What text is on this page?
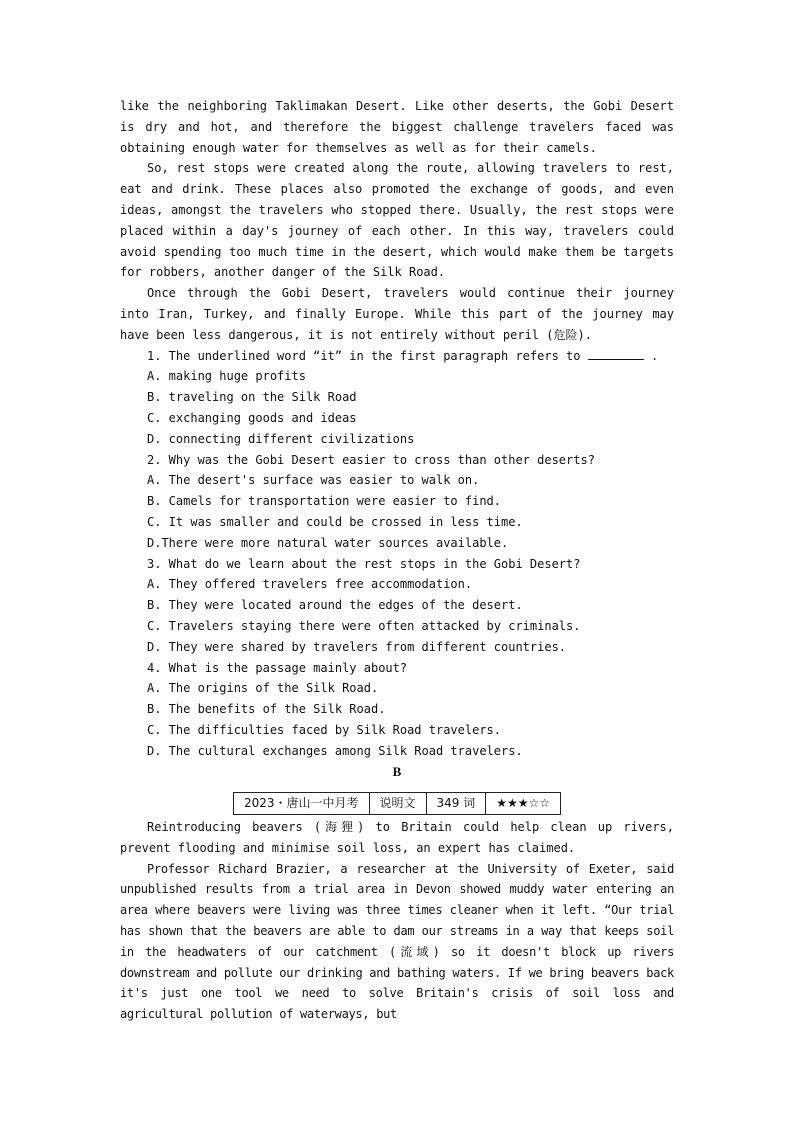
like the neighboring Taklimakan Desert. Like other deserts, the Gobi Desert is dry and hot, and therefore the biggest challenge travelers faced was obtaining enough water for themselves as well as for their camels.

So, rest stops were created along the route, allowing travelers to rest, eat and drink. These places also promoted the exchange of goods, and even ideas, amongst the travelers who stopped there. Usually, the rest stops were placed within a day's journey of each other. In this way, travelers could avoid spending too much time in the desert, which would make them be targets for robbers, another danger of the Silk Road.

Once through the Gobi Desert, travelers would continue their journey into Iran, Turkey, and finally Europe. While this part of the journey may have been less dangerous, it is not entirely without peril (危险).

1. The underlined word “it” in the first paragraph refers to	.

A. making huge profits

B. traveling on the Silk Road

C. exchanging goods and ideas

D. connecting different civilizations

2. Why was the Gobi Desert easier to cross than other deserts?

A. The desert's surface was easier to walk on.

B. Camels for transportation were easier to find.

C. It was smaller and could be crossed in less time.

D.There were more natural water sources available.

3. What do we learn about the rest stops in the Gobi Desert?

A. They offered travelers free accommodation.

B. They were located around the edges of the desert.

C. Travelers staying there were often attacked by criminals.

D. They were shared by travelers from different countries.

4. What is the passage mainly about?

A. The origins of the Silk Road.

B. The benefits of the Silk Road.

C. The difficulties faced by Silk Road travelers.

D. The cultural exchanges among Silk Road travelers.

B

2023・唐山一中月考	说明文	349 词	★★★☆☆

Reintroducing beavers (海狸) to Britain could help clean up rivers, prevent flooding and minimise soil loss, an expert has claimed.

Professor Richard Brazier, a researcher at the University of Exeter, said unpublished results from a trial area in Devon showed muddy water entering an area where beavers were living was three times cleaner when it left. “Our trial has shown that the beavers are able to dam our streams in a way that keeps soil in the headwaters of our catchment (流域) so it doesn't block up rivers downstream and pollute our drinking and bathing waters. If we bring beavers back it's just one tool we need to solve Britain's crisis of soil loss and agricultural pollution of waterways, but
